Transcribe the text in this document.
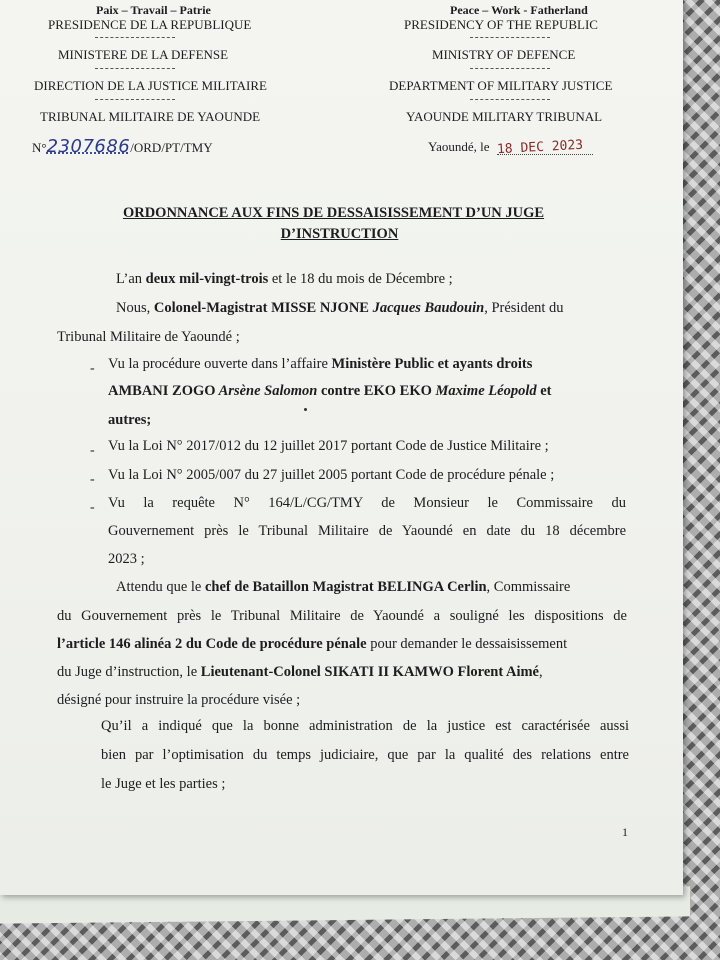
Paix – Travail – Patrie
PRESIDENCE DE LA REPUBLIQUE
MINISTERE DE LA DEFENSE
DIRECTION DE LA JUSTICE MILITAIRE
TRIBUNAL MILITAIRE DE YAOUNDE
N°2307686/ORD/PT/TMY
Peace – Work - Fatherland
PRESIDENCY OF THE REPUBLIC
MINISTRY OF DEFENCE
DEPARTMENT OF MILITARY JUSTICE
YAOUNDE MILITARY TRIBUNAL
Yaoundé, le 18 DEC 2023
ORDONNANCE AUX FINS DE DESSAISISSEMENT D’UN JUGE
D’INSTRUCTION
L’an deux mil-vingt-trois et le 18 du mois de Décembre ;
Nous, Colonel-Magistrat MISSE NJONE Jacques Baudouin, Président du
Tribunal Militaire de Yaoundé ;
- Vu la procédure ouverte dans l’affaire Ministère Public et ayants droits
AMBANI ZOGO Arsène Salomon contre EKO EKO Maxime Léopold et
autres;
- Vu la Loi N° 2017/012 du 12 juillet 2017 portant Code de Justice Militaire ;
- Vu la Loi N° 2005/007 du 27 juillet 2005 portant Code de procédure pénale ;
- Vu la requête N° 164/L/CG/TMY de Monsieur le Commissaire du
Gouvernement près le Tribunal Militaire de Yaoundé en date du 18 décembre
2023 ;
Attendu que le chef de Bataillon Magistrat BELINGA Cerlin, Commissaire
du Gouvernement près le Tribunal Militaire de Yaoundé a souligné les dispositions de
l’article 146 alinéa 2 du Code de procédure pénale pour demander le dessaisissement
du Juge d’instruction, le Lieutenant-Colonel SIKATI II KAMWO Florent Aimé,
désigné pour instruire la procédure visée ;
Qu’il a indiqué que la bonne administration de la justice est caractérisée aussi
bien par l’optimisation du temps judiciaire, que par la qualité des relations entre
le Juge et les parties ;
1
